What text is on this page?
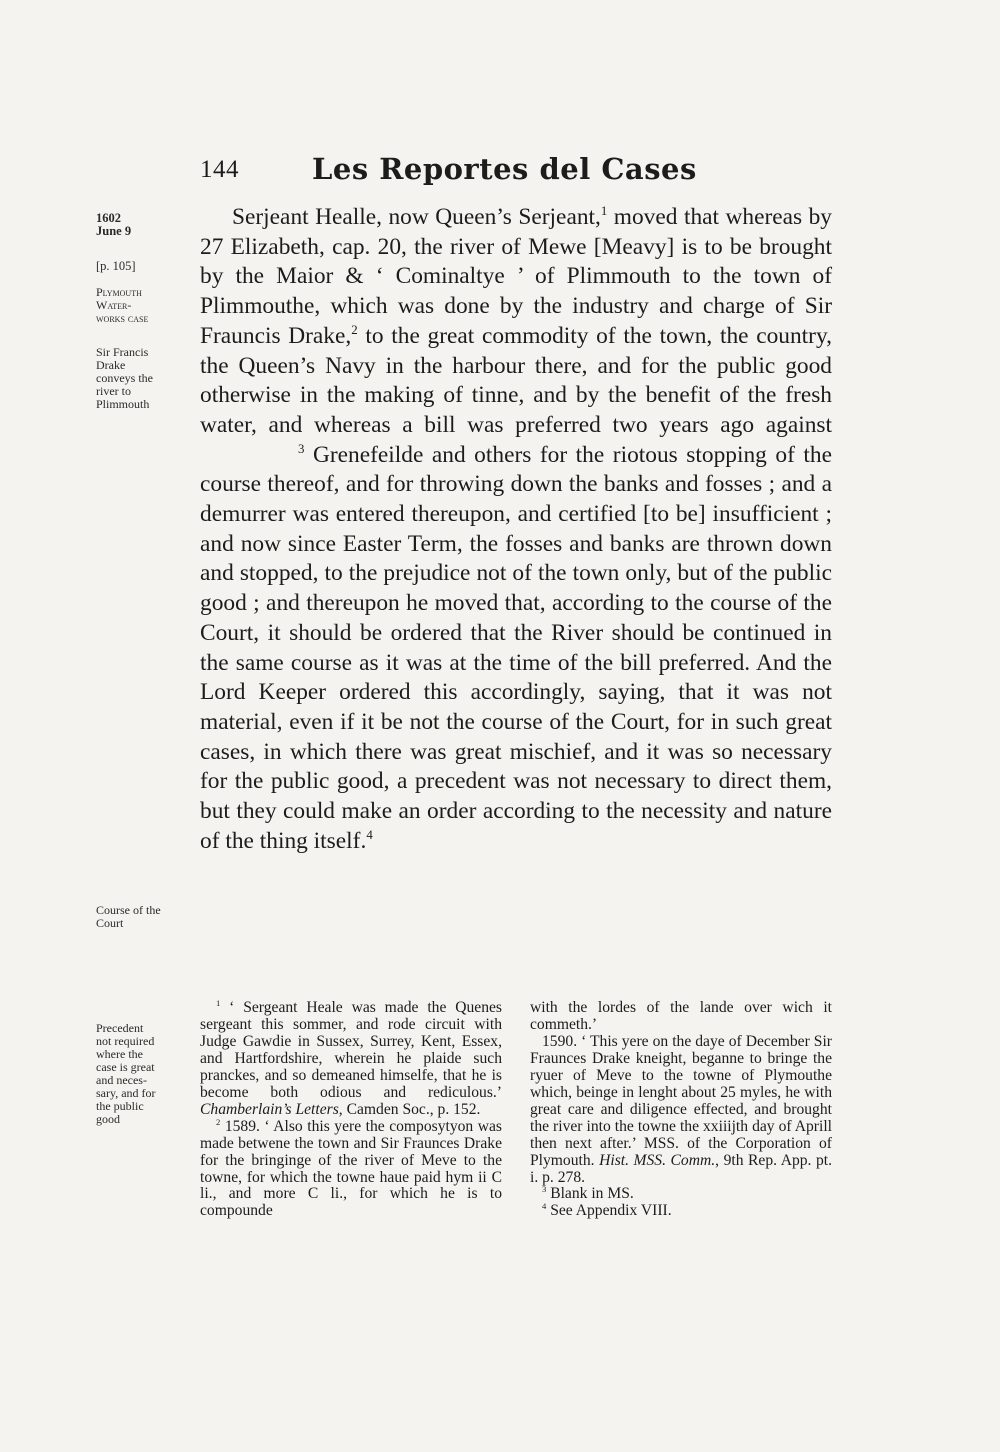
144	Les Reportes del Cases
1602
June 9
[p. 105]
Plymouth
Water-
works case
Sir Francis
Drake
conveys the
river to
Plimmouth
Course of the
Court
Precedent
not required
where the
case is great
and neces-
sary, and for
the public
good

Serjeant Healle, now Queen’s Serjeant,$^1$ moved that whereas by 27 Elizabeth, cap. 20, the river of Mewe [Meavy] is to be brought by the Maior & ‘ Cominaltye ’ of Plimmouth to the town of Plimmouthe, which was done by the industry and charge of Sir Fraunc​is Drake,$^2$ to the great commodity of the town, the country, the Queen’s Navy in the harbour there, and for the public good otherwise in the making of tinne, and by the benefit of the fresh water, and whereas a bill was preferred two years ago against$^3$ Grenefeilde and others for the riotous stopping of the course thereof, and for throwing down the banks and fosses ; and a demurrer was entered thereupon, and certified [to be] insufficient ; and now since Easter Term, the fosses and banks are thrown down and stopped, to the prejudice not of the town only, but of the public good ; and thereupon he moved that, according to the course of the Court, it should be ordered that the River should be continued in the same course as it was at the time of the bill preferred. And the Lord Keeper ordered this accordingly, saying, that it was not material, even if it be not the course of the Court, for in such great cases, in which there was great mischief, and it was so necessary for the public good, a precedent was not necessary to direct them, but they could make an order according to the necessity and nature of the thing itself.$^4$

$^1$ ‘ Sergeant Heale was made the Quenes sergeant this sommer, and rode circuit with Judge Gawdie in Sussex, Surrey, Kent, Essex, and Hartfordshire, wherein he plaide such pranckes, and so demeaned himselfe, that he is become both odious and rediculous.’ Chamberlain’s Letters, Camden Soc., p. 152.

$^2$ 1589. ‘ Also this yere the composytyon was made betwene the town and Sir Fraunces Drake for the bringinge of the river of Meve to the towne, for which the towne haue paid hym ii C li., and more C li., for which he is to compounde

with the lordes of the lande over wich it commeth.’

1590. ‘ This yere on the daye of December Sir Fraunces Drake kneight, beganne to bringe the ryuer of Meve to the towne of Plymouthe which, beinge in lenght about 25 myles, he with great care and diligence effected, and brought the river into the towne the xxiiijth day of Aprill then next after.’ MSS. of the Corporation of Plymouth. Hist. MSS. Comm., 9th Rep. App. pt. i. p. 278.

$^3$ Blank in MS.

$^4$ See Appendix VIII.
